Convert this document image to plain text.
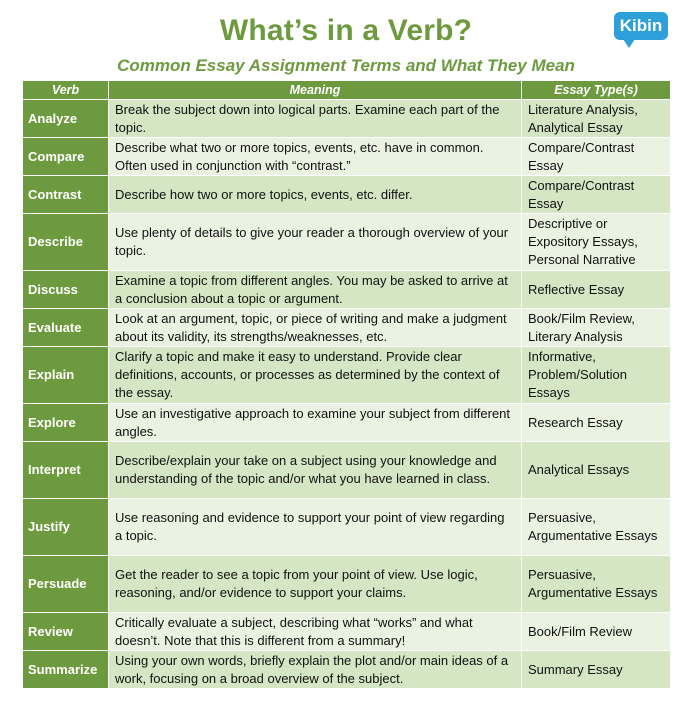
What’s in a Verb?
Common Essay Assignment Terms and What They Mean
Kibin
Verb	Meaning	Essay Type(s)
Analyze	Break the subject down into logical parts. Examine each part of the topic.	Literature Analysis, Analytical Essay
Compare	Describe what two or more topics, events, etc. have in common. Often used in conjunction with “contrast.”	Compare/Contrast Essay
Contrast	Describe how two or more topics, events, etc. differ.	Compare/Contrast Essay
Describe	Use plenty of details to give your reader a thorough overview of your topic.	Descriptive or Expository Essays, Personal Narrative
Discuss	Examine a topic from different angles. You may be asked to arrive at a conclusion about a topic or argument.	Reflective Essay
Evaluate	Look at an argument, topic, or piece of writing and make a judgment about its validity, its strengths/weaknesses, etc.	Book/Film Review, Literary Analysis
Explain	Clarify a topic and make it easy to understand. Provide clear definitions, accounts, or processes as determined by the context of the essay.	Informative, Problem/Solution Essays
Explore	Use an investigative approach to examine your subject from different angles.	Research Essay
Interpret	Describe/explain your take on a subject using your knowledge and understanding of the topic and/or what you have learned in class.	Analytical Essays
Justify	Use reasoning and evidence to support your point of view regarding a topic.	Persuasive, Argumentative Essays
Persuade	Get the reader to see a topic from your point of view. Use logic, reasoning, and/or evidence to support your claims.	Persuasive, Argumentative Essays
Review	Critically evaluate a subject, describing what “works” and what doesn’t. Note that this is different from a summary!	Book/Film Review
Summarize	Using your own words, briefly explain the plot and/or main ideas of a work, focusing on a broad overview of the subject.	Summary Essay
